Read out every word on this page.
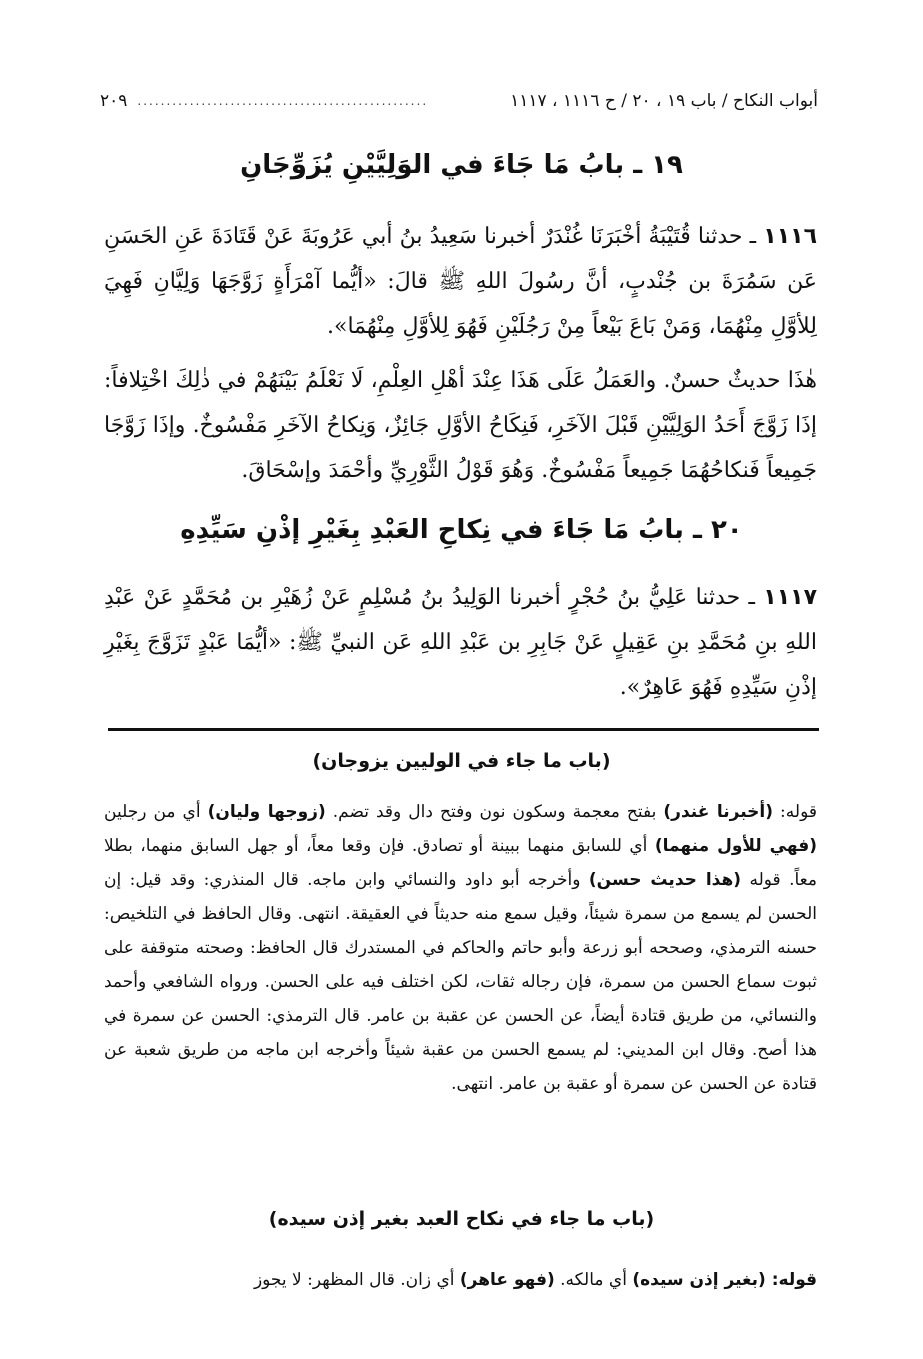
أبواب النكاح / باب ١٩ ، ٢٠ / ح ١١١٦ ، ١١١٧
..................................................
٢٠٩
١٩ ـ بابُ مَا جَاءَ في الوَلِيَّيْنِ يُزَوِّجَانِ
١١١٦ ـ حدثنا قُتَيْبَةُ أخْبَرَنَا غُنْدَرٌ أخبرنا سَعِيدُ بنُ أبي عَرُوبَةَ عَنْ قَتَادَةَ عَنِ الحَسَنِ عَن سَمُرَةَ بن جُنْدبٍ، أنَّ رسُولَ اللهِ ﷺ قالَ: «أيُّما آمْرَأَةٍ زَوَّجَهَا وَلِيَّانِ فَهِيَ لِلأوَّلِ مِنْهُمَا، وَمَنْ بَاعَ بَيْعاً مِنْ رَجُلَيْنِ فَهُوَ لِلأوَّلِ مِنْهُمَا».
هٰذَا حديثٌ حسنٌ. والعَمَلُ عَلَى هَذَا عِنْدَ أهْلِ العِلْمِ، لَا نَعْلَمُ بَيْنَهُمْ في ذٰلِكَ اخْتِلافاً: إذَا زَوَّجَ أَحَدُ الوَلِيَّيْنِ قَبْلَ الآخَرِ، فَنِكَاحُ الأوَّلِ جَائِزٌ، وَنِكاحُ الآخَرِ مَفْسُوخٌ. وإذَا زَوَّجَا جَمِيعاً فَنكاحُهُمَا جَمِيعاً مَفْسُوخٌ. وَهُوَ قَوْلُ الثَّوْرِيِّ وأحْمَدَ وإسْحَاقَ.
٢٠ ـ بابُ مَا جَاءَ في نِكاحِ العَبْدِ بِغَيْرِ إذْنِ سَيِّدِهِ
١١١٧ ـ حدثنا عَلِيُّ بنُ حُجْرٍ أخبرنا الوَلِيدُ بنُ مُسْلِمٍ عَنْ زُهَيْرِ بن مُحَمَّدٍ عَنْ عَبْدِ اللهِ بنِ مُحَمَّدِ بنِ عَقِيلٍ عَنْ جَابِرِ بن عَبْدِ اللهِ عَن النبيِّ ﷺ: «أيُّمَا عَبْدٍ تَزَوَّجَ بِغَيْرِ إذْنِ سَيِّدِهِ فَهُوَ عَاهِرٌ».
(باب ما جاء في الوليين يزوجان)
قوله: (أخبرنا غندر) بفتح معجمة وسكون نون وفتح دال وقد تضم. (زوجها وليان) أي من رجلين (فهي للأول منهما) أي للسابق منهما ببينة أو تصادق. فإن وقعا معاً، أو جهل السابق منهما، بطلا معاً. قوله (هذا حديث حسن) وأخرجه أبو داود والنسائي وابن ماجه. قال المنذري: وقد قيل: إن الحسن لم يسمع من سمرة شيئاً، وقيل سمع منه حديثاً في العقيقة. انتهى. وقال الحافظ في التلخيص: حسنه الترمذي، وصححه أبو زرعة وأبو حاتم والحاكم في المستدرك قال الحافظ: وصحته متوقفة على ثبوت سماع الحسن من سمرة، فإن رجاله ثقات، لكن اختلف فيه على الحسن. ورواه الشافعي وأحمد والنسائي، من طريق قتادة أيضاً، عن الحسن عن عقبة بن عامر. قال الترمذي: الحسن عن سمرة في هذا أصح. وقال ابن المديني: لم يسمع الحسن من عقبة شيئاً وأخرجه ابن ماجه من طريق شعبة عن قتادة عن الحسن عن سمرة أو عقبة بن عامر. انتهى.
(باب ما جاء في نكاح العبد بغير إذن سيده)
قوله: (بغير إذن سيده) أي مالكه. (فهو عاهر) أي زان. قال المظهر: لا يجوز
